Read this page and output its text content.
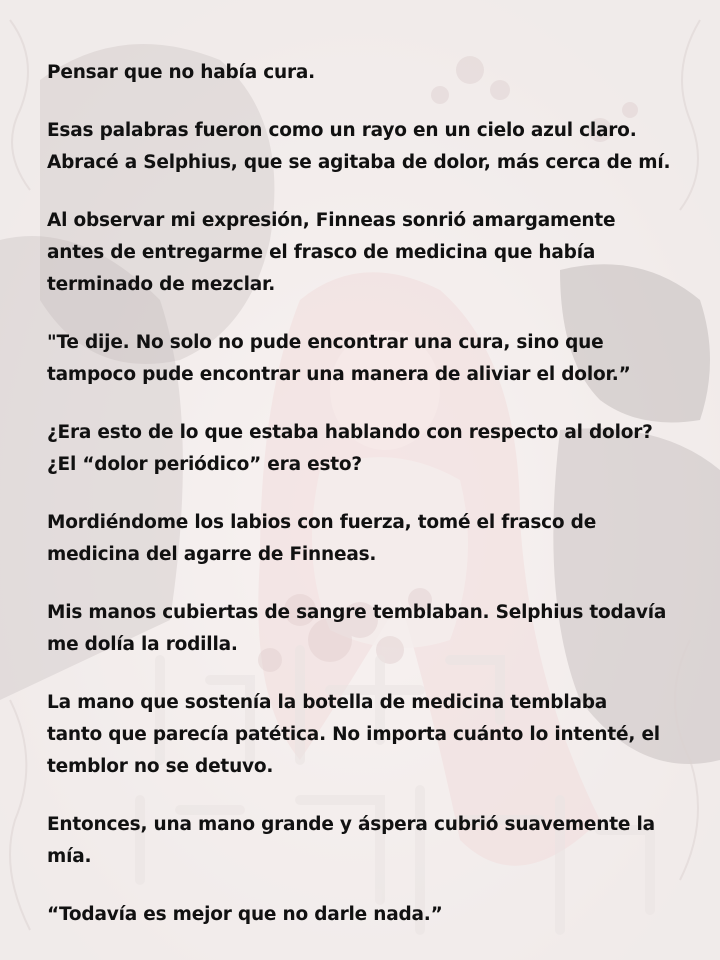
Pensar que no había cura.

Esas palabras fueron como un rayo en un cielo azul claro.
Abracé a Selphius, que se agitaba de dolor, más cerca de mí.

Al observar mi expresión, Finneas sonrió amargamente
antes de entregarme el frasco de medicina que había
terminado de mezclar.

"Te dije. No solo no pude encontrar una cura, sino que
tampoco pude encontrar una manera de aliviar el dolor.”

¿Era esto de lo que estaba hablando con respecto al dolor?
¿El “dolor periódico” era esto?

Mordiéndome los labios con fuerza, tomé el frasco de
medicina del agarre de Finneas.

Mis manos cubiertas de sangre temblaban. Selphius todavía
me dolía la rodilla.

La mano que sostenía la botella de medicina temblaba
tanto que parecía patética. No importa cuánto lo intenté, el
temblor no se detuvo.

Entonces, una mano grande y áspera cubrió suavemente la
mía.

“Todavía es mejor que no darle nada.”
